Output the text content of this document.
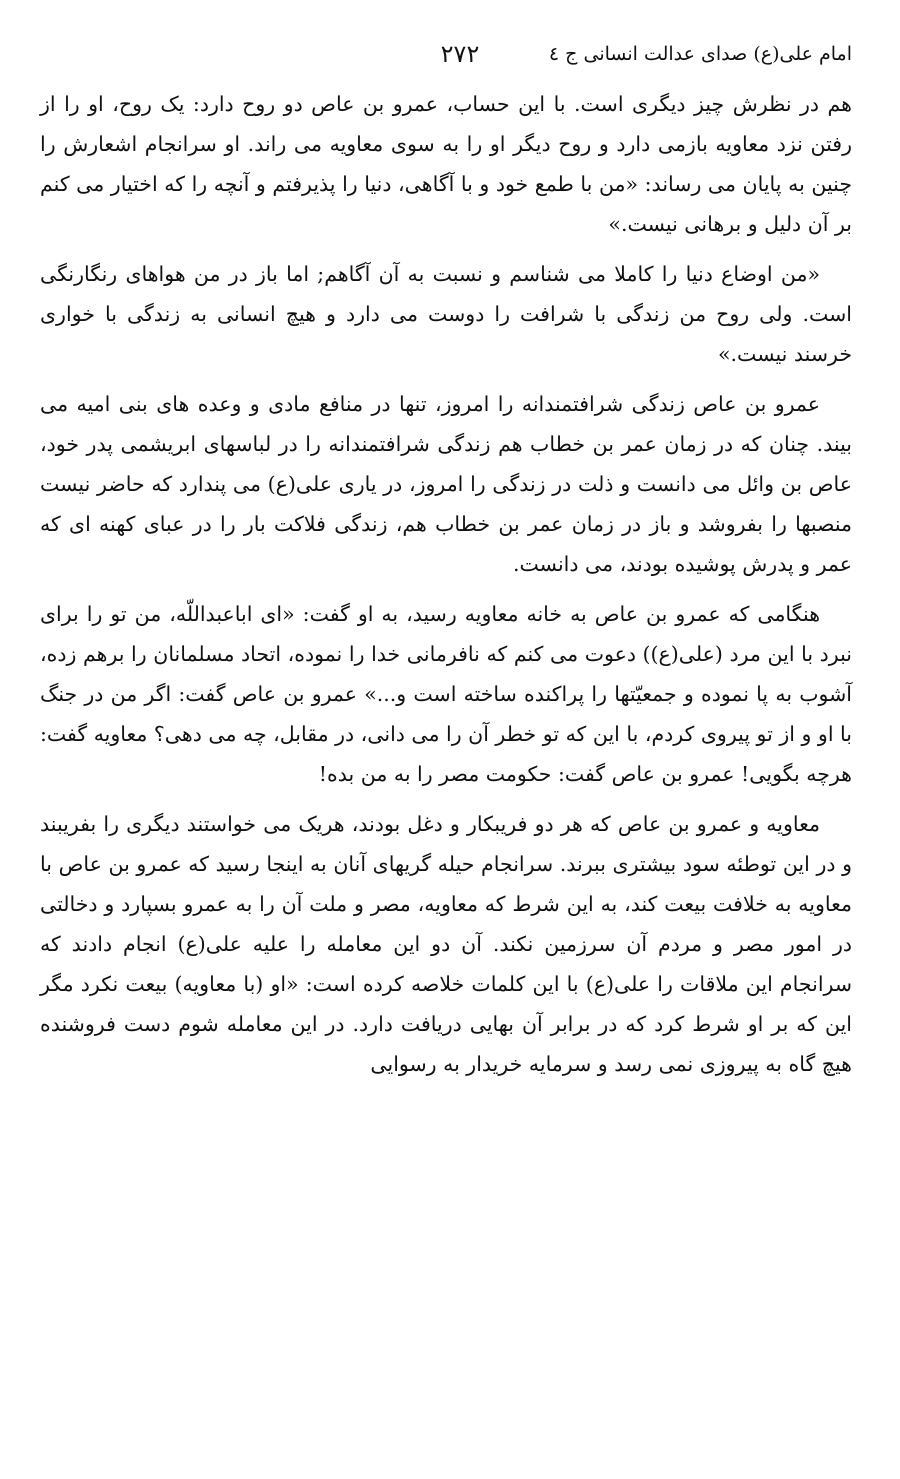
امام علی(ع) صدای عدالت انسانی ج ٤
٢٧٢

هم در نظرش چیز دیگری است. با این حساب، عمرو بن عاص دو روح دارد: یک روح، او را از رفتن نزد معاویه بازمی دارد و روح دیگر او را به سوی معاویه می راند. او سرانجام اشعارش را چنین به پایان می رساند: «من با طمع خود و با آگاهی، دنیا را پذیرفتم و آنچه را که اختیار می کنم بر آن دلیل و برهانی نیست.»

«من اوضاع دنیا را کاملا می شناسم و نسبت به آن آگاهم; اما باز در من هواهای رنگارنگی است. ولی روح من زندگی با شرافت را دوست می دارد و هیچ انسانی به زندگی با خواری خرسند نیست.»

عمرو بن عاص زندگی شرافتمندانه را امروز، تنها در منافع مادی و وعده های بنی امیه می بیند. چنان که در زمان عمر بن خطاب هم زندگی شرافتمندانه را در لباسهای ابریشمی پدر خود، عاص بن وائل می دانست و ذلت در زندگی را امروز، در یاری علی(ع) می پندارد که حاضر نیست منصبها را بفروشد و باز در زمان عمر بن خطاب هم، زندگی فلاکت بار را در عبای کهنه ای که عمر و پدرش پوشیده بودند، می دانست.

هنگامی که عمرو بن عاص به خانه معاویه رسید، به او گفت: «ای اباعبداللّه، من تو را برای نبرد با این مرد (علی(ع)) دعوت می کنم که نافرمانی خدا را نموده، اتحاد مسلمانان را برهم زده، آشوب به پا نموده و جمعیّتها را پراکنده ساخته است و...» عمرو بن عاص گفت: اگر من در جنگ با او و از تو پیروی کردم، با این که تو خطر آن را می دانی، در مقابل، چه می دهی؟ معاویه گفت: هرچه بگویی! عمرو بن عاص گفت: حکومت مصر را به من بده!

معاویه و عمرو بن عاص که هر دو فریبکار و دغل بودند، هریک می خواستند دیگری را بفریبند و در این توطئه سود بیشتری ببرند. سرانجام حیله گریهای آنان به اینجا رسید که عمرو بن عاص با معاویه به خلافت بیعت کند، به این شرط که معاویه، مصر و ملت آن را به عمرو بسپارد و دخالتی در امور مصر و مردم آن سرزمین نکند. آن دو این معامله را علیه علی(ع) انجام دادند که سرانجام این ملاقات را علی(ع) با این کلمات خلاصه کرده است: «او (با معاویه) بیعت نکرد مگر این که بر او شرط کرد که در برابر آن بهایی دریافت دارد. در این معامله شوم دست فروشنده هیچ گاه به پیروزی نمی رسد و سرمایه خریدار به رسوایی
